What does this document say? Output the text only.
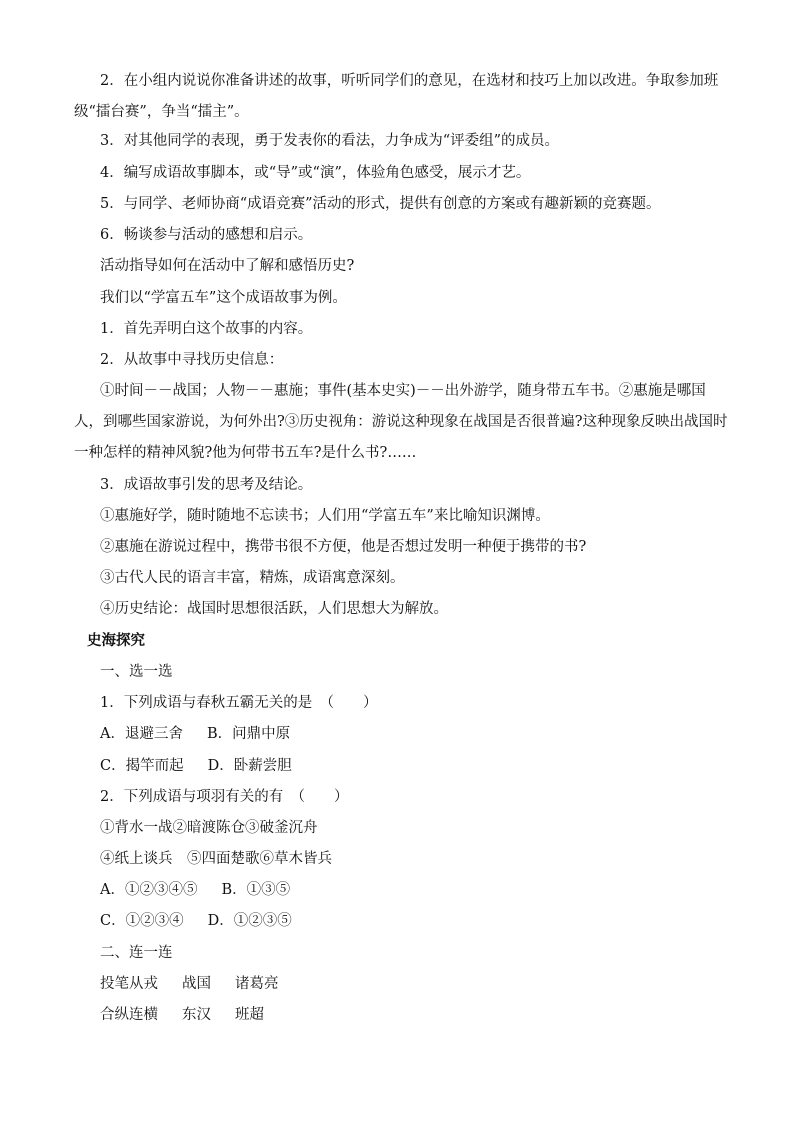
2．在小组内说说你准备讲述的故事，听听同学们的意见，在选材和技巧上加以改进。争取参加班级“擂台赛”，争当“擂主”。
3．对其他同学的表现，勇于发表你的看法，力争成为“评委组”的成员。
4．编写成语故事脚本，或“导”或“演”，体验角色感受，展示才艺。
5．与同学、老师协商“成语竞赛”活动的形式，提供有创意的方案或有趣新颖的竞赛题。
6．畅谈参与活动的感想和启示。
活动指导如何在活动中了解和感悟历史?
我们以“学富五车”这个成语故事为例。
1．首先弄明白这个故事的内容。
2．从故事中寻找历史信息：
①时间－－战国；人物－－惠施；事件(基本史实)－－出外游学，随身带五车书。②惠施是哪国人，到哪些国家游说，为何外出?③历史视角：游说这种现象在战国是否很普遍?这种现象反映出战国时一种怎样的精神风貌?他为何带书五车?是什么书?……
3．成语故事引发的思考及结论。
①惠施好学，随时随地不忘读书；人们用“学富五车”来比喻知识渊博。
②惠施在游说过程中，携带书很不方便，他是否想过发明一种便于携带的书?
③古代人民的语言丰富，精炼，成语寓意深刻。
④历史结论：战国时思想很活跃，人们思想大为解放。
史海探究
一、选一选
1．下列成语与春秋五霸无关的是　（　　）
A．退避三舍 B．问鼎中原
C．揭竿而起 D．卧薪尝胆
2．下列成语与项羽有关的有　（　　）
①背水一战②暗渡陈仓③破釜沉舟
④纸上谈兵　⑤四面楚歌⑥草木皆兵
A．①②③④⑤ B．①③⑤
C．①②③④ D．①②③⑤
二、连一连
投笔从戎 战国 诸葛亮
合纵连横 东汉 班超
